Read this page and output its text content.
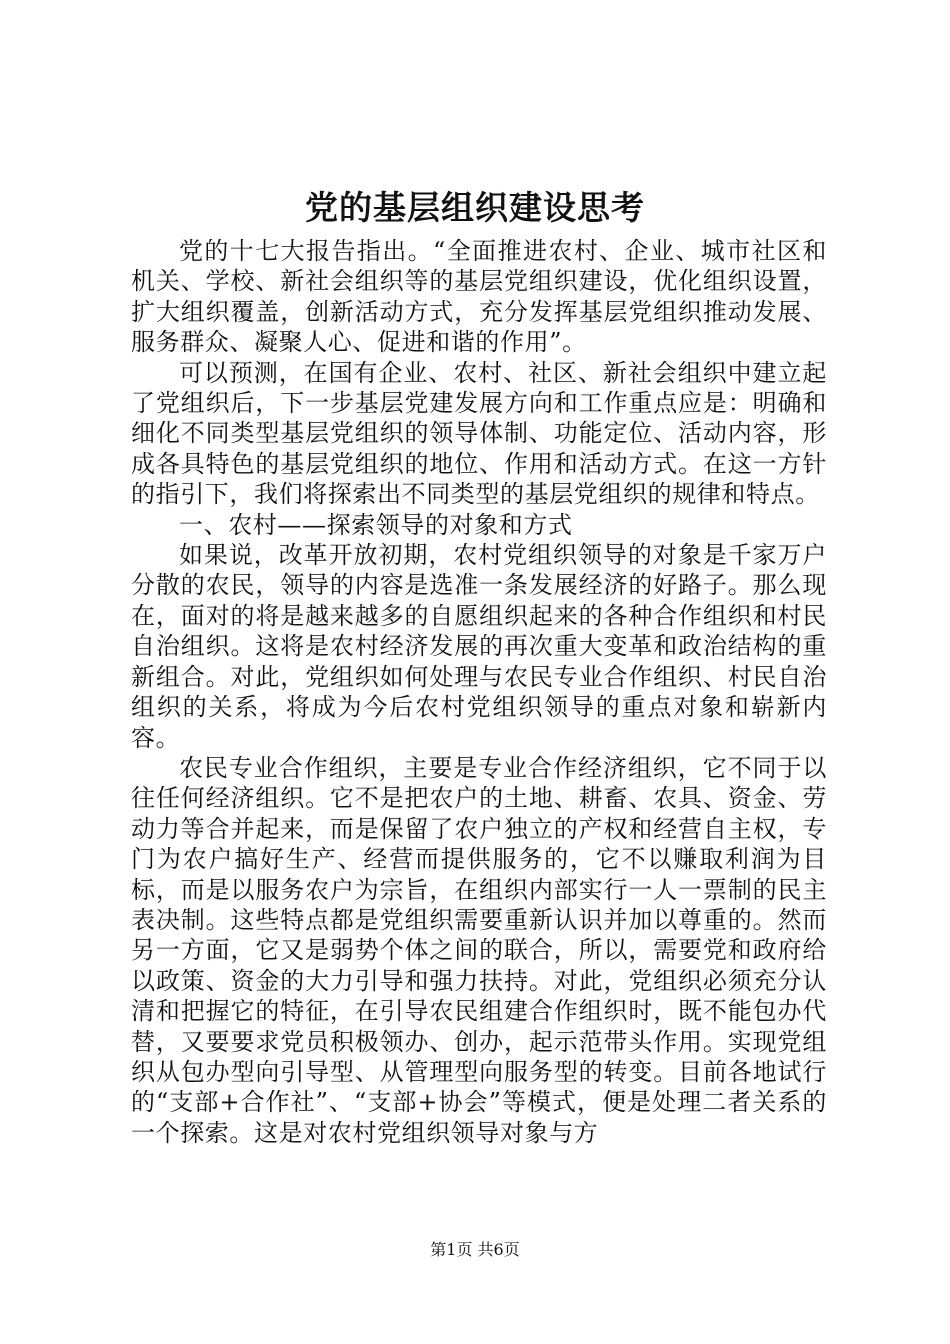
党的基层组织建设思考

党的十七大报告指出。“全面推进农村、企业、城市社区和机关、学校、新社会组织等的基层党组织建设，优化组织设置，扩大组织覆盖，创新活动方式，充分发挥基层党组织推动发展、服务群众、凝聚人心、促进和谐的作用”。

可以预测，在国有企业、农村、社区、新社会组织中建立起了党组织后，下一步基层党建发展方向和工作重点应是：明确和细化不同类型基层党组织的领导体制、功能定位、活动内容，形成各具特色的基层党组织的地位、作用和活动方式。在这一方针的指引下，我们将探索出不同类型的基层党组织的规律和特点。

一、农村——探索领导的对象和方式

如果说，改革开放初期，农村党组织领导的对象是千家万户分散的农民，领导的内容是选准一条发展经济的好路子。那么现在，面对的将是越来越多的自愿组织起来的各种合作组织和村民自治组织。这将是农村经济发展的再次重大变革和政治结构的重新组合。对此，党组织如何处理与农民专业合作组织、村民自治组织的关系，将成为今后农村党组织领导的重点对象和崭新内容。

农民专业合作组织，主要是专业合作经济组织，它不同于以往任何经济组织。它不是把农户的土地、耕畜、农具、资金、劳动力等合并起来，而是保留了农户独立的产权和经营自主权，专门为农户搞好生产、经营而提供服务的，它不以赚取利润为目标，而是以服务农户为宗旨，在组织内部实行一人一票制的民主表决制。这些特点都是党组织需要重新认识并加以尊重的。然而另一方面，它又是弱势个体之间的联合，所以，需要党和政府给以政策、资金的大力引导和强力扶持。对此，党组织必须充分认清和把握它的特征，在引导农民组建合作组织时，既不能包办代替，又要要求党员积极领办、创办，起示范带头作用。实现党组织从包办型向引导型、从管理型向服务型的转变。目前各地试行的“支部+合作社”、“支部+协会”等模式，便是处理二者关系的一个探索。这是对农村党组织领导对象与方

第1页 共6页
